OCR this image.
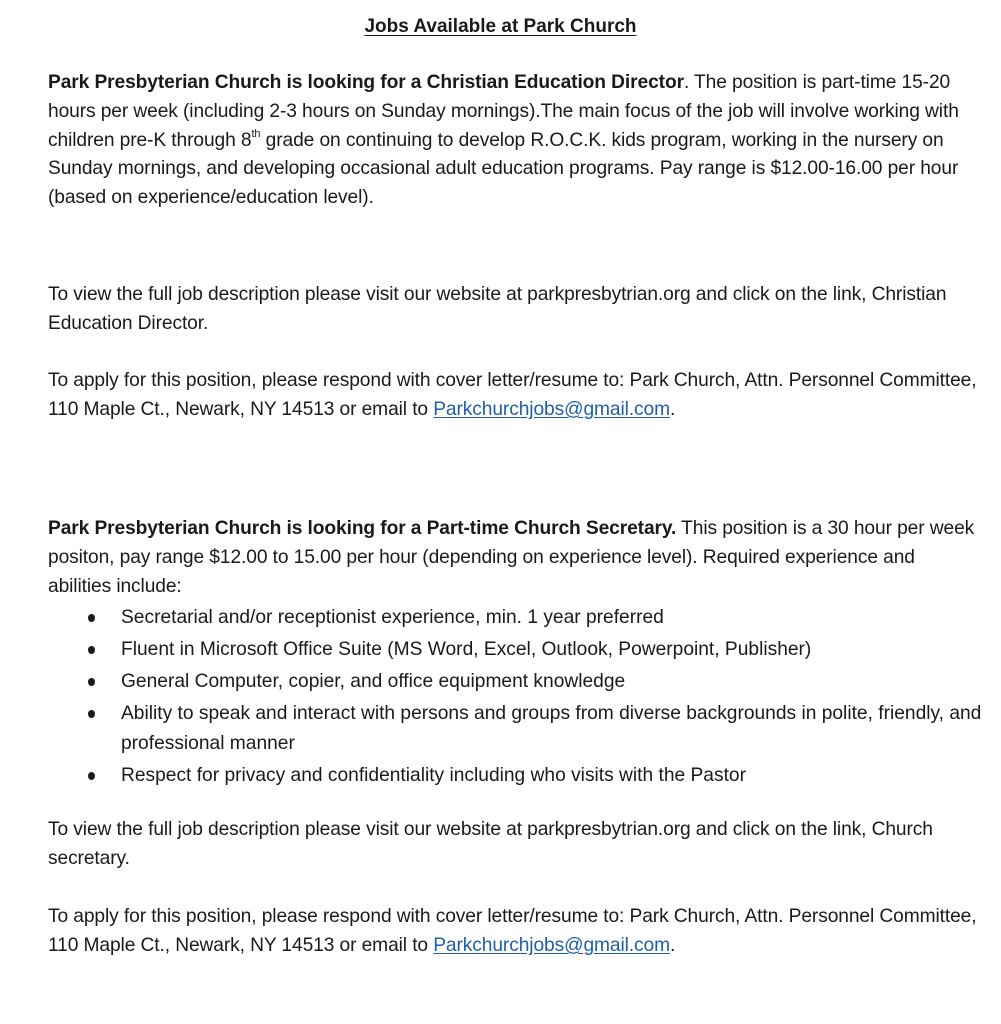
Jobs Available at Park Church
Park Presbyterian Church is looking for a Christian Education Director. The position is part-time 15-20 hours per week (including 2-3 hours on Sunday mornings).The main focus of the job will involve working with children pre-K through 8th grade on continuing to develop R.O.C.K. kids program, working in the nursery on Sunday mornings, and developing occasional adult education programs. Pay range is $12.00-16.00 per hour (based on experience/education level).
To view the full job description please visit our website at parkpresbytrian.org and click on the link, Christian Education Director.
To apply for this position, please respond with cover letter/resume to: Park Church, Attn. Personnel Committee, 110 Maple Ct., Newark, NY 14513 or email to Parkchurchjobs@gmail.com.
Park Presbyterian Church is looking for a Part-time Church Secretary. This position is a 30 hour per week positon, pay range $12.00 to 15.00 per hour (depending on experience level). Required experience and abilities include:
Secretarial and/or receptionist experience, min. 1 year preferred
Fluent in Microsoft Office Suite (MS Word, Excel, Outlook, Powerpoint, Publisher)
General Computer, copier, and office equipment knowledge
Ability to speak and interact with persons and groups from diverse backgrounds in polite, friendly, and professional manner
Respect for privacy and confidentiality including who visits with the Pastor
To view the full job description please visit our website at parkpresbytrian.org and click on the link, Church secretary.
To apply for this position, please respond with cover letter/resume to: Park Church, Attn. Personnel Committee, 110 Maple Ct., Newark, NY 14513 or email to Parkchurchjobs@gmail.com.
